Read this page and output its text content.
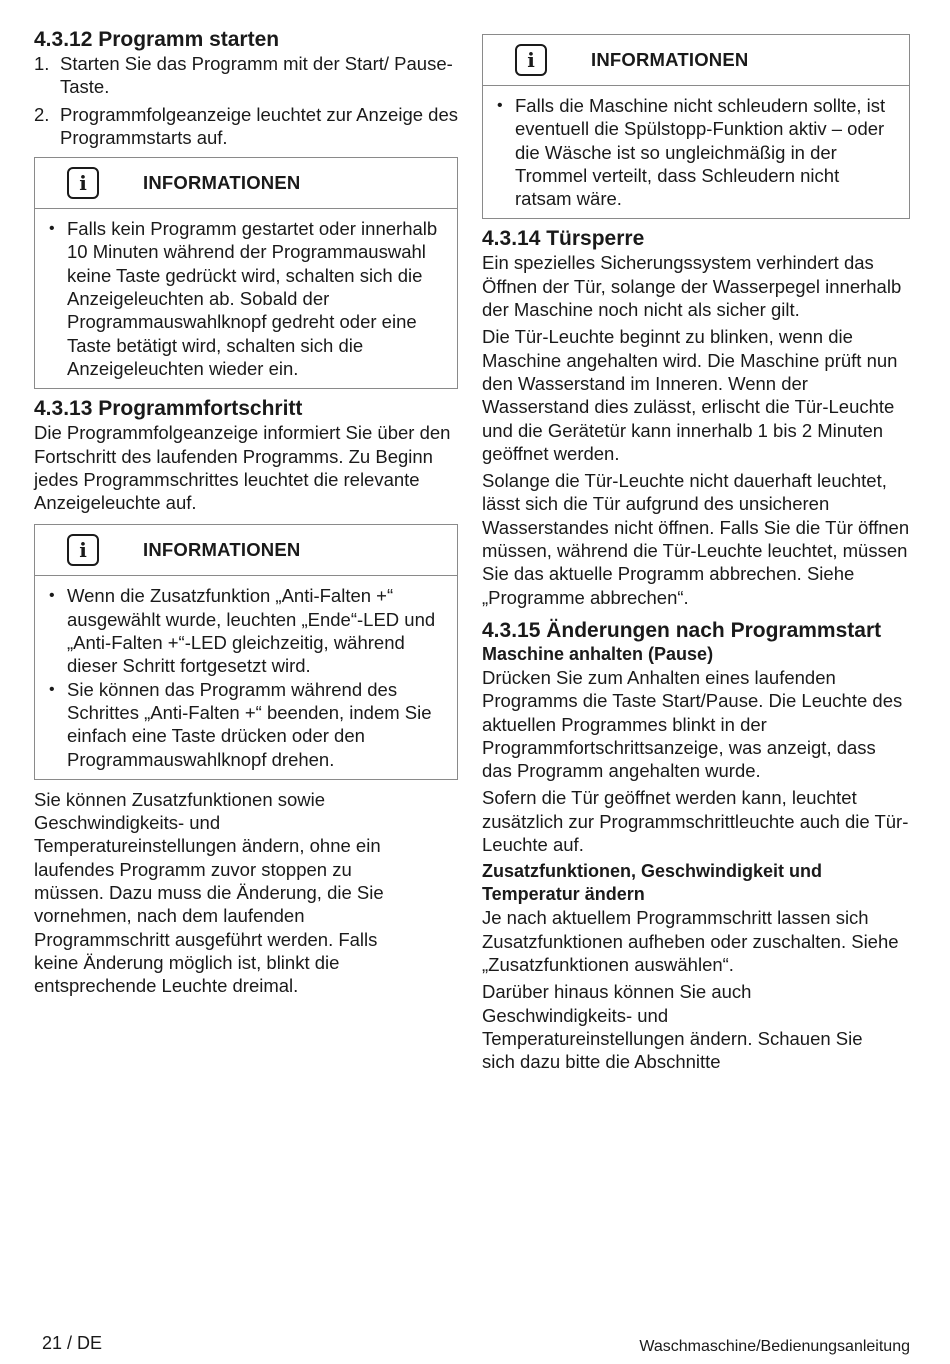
4.3.12 Programm starten
1. Starten Sie das Programm mit der Start/ Pause-Taste.
2. Programmfolgeanzeige leuchtet zur Anzeige des Programmstarts auf.
i	INFORMATIONEN
• Falls kein Programm gestartet oder innerhalb 10 Minuten während der Programmauswahl keine Taste gedrückt wird, schalten sich die Anzeigeleuchten ab. Sobald der Programmauswahlknopf gedreht oder eine Taste betätigt wird, schalten sich die Anzeigeleuchten wieder ein.
4.3.13 Programmfortschritt

Die Programmfolgeanzeige informiert Sie über den Fortschritt des laufenden Programms. Zu Beginn jedes Programmschrittes leuchtet die relevante Anzeigeleuchte auf.

i	INFORMATIONEN
• Wenn die Zusatzfunktion „Anti-Falten +“ ausgewählt wurde, leuchten „Ende“-LED und „Anti-Falten +“-LED gleichzeitig, während dieser Schritt fortgesetzt wird.
• Sie können das Programm während des Schrittes „Anti-Falten +“ beenden, indem Sie einfach eine Taste drücken oder den Programmauswahlknopf drehen.

Sie können Zusatzfunktionen sowie Geschwindigkeits- und Temperatureinstellungen ändern, ohne ein laufendes Programm zuvor stoppen zu müssen. Dazu muss die Änderung, die Sie vornehmen, nach dem laufenden Programmschritt ausgeführt werden. Falls keine Änderung möglich ist, blinkt die entsprechende Leuchte dreimal.

i	INFORMATIONEN
• Falls die Maschine nicht schleudern sollte, ist eventuell die Spülstopp-Funktion aktiv – oder die Wäsche ist so ungleichmäßig in der Trommel verteilt, dass Schleudern nicht ratsam wäre.
4.3.14 Türsperre

Ein spezielles Sicherungssystem verhindert das Öffnen der Tür, solange der Wasserpegel innerhalb der Maschine noch nicht als sicher gilt.

Die Tür-Leuchte beginnt zu blinken, wenn die Maschine angehalten wird. Die Maschine prüft nun den Wasserstand im Inneren. Wenn der Wasserstand dies zulässt, erlischt die Tür-Leuchte und die Gerätetür kann innerhalb 1 bis 2 Minuten geöffnet werden.

Solange die Tür-Leuchte nicht dauerhaft leuchtet, lässt sich die Tür aufgrund des unsicheren Wasserstandes nicht öffnen. Falls Sie die Tür öffnen müssen, während die Tür-Leuchte leuchtet, müssen Sie das aktuelle Programm abbrechen. Siehe „Programme abbrechen“.

4.3.15 Änderungen nach Programmstart
Maschine anhalten (Pause)

Drücken Sie zum Anhalten eines laufenden Programms die Taste Start/Pause. Die Leuchte des aktuellen Programmes blinkt in der Programmfortschrittsanzeige, was anzeigt, dass das Programm angehalten wurde.

Sofern die Tür geöffnet werden kann, leuchtet zusätzlich zur Programmschrittleuchte auch die Tür-Leuchte auf.

Zusatzfunktionen, Geschwindigkeit und Temperatur ändern

Je nach aktuellem Programmschritt lassen sich Zusatzfunktionen aufheben oder zuschalten. Siehe „Zusatzfunktionen auswählen“.

Darüber hinaus können Sie auch Geschwindigkeits- und Temperatureinstellungen ändern. Schauen Sie sich dazu bitte die Abschnitte

21 / DE	Waschmaschine/Bedienungsanleitung
